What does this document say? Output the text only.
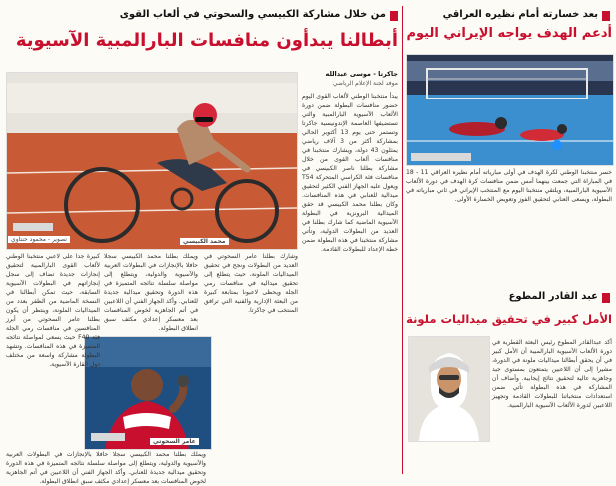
بعد خسارته أمام نظيره العراقي
أدعم الهدف يواجه الإيراني اليوم
خسر منتخبنا الوطني لكرة الهدف في أولى مبارياته أمام نظيره العراقي 11 - 18 في المباراة التي جمعت بينهما أمس ضمن منافسات كرة الهدف في دورة الألعاب الآسيوية البارالمبية، ويلتقي منتخبنا اليوم مع المنتخب الإيراني في ثاني مبارياته في البطولة، ويسعى العنابي لتحقيق الفوز وتعويض الخسارة الأولى.
عبد القادر المطوع
الأمل كبير في تحقيق ميداليات ملونة
أكد عبدالقادر المطوع رئيس البعثة القطرية في دورة الألعاب الآسيوية البارالمبية أن الأمل كبير في أن يحقق أبطالنا ميداليات ملونة في الدورة، مشيرا إلى أن اللاعبين يتمتعون بمستوى جيد وجاهزية عالية لتحقيق نتائج إيجابية. وأضاف أن المشاركة في هذه البطولة تأتي ضمن استعدادات منتخباتنا للبطولات القادمة وتجهيز اللاعبين لدورة الألعاب الآسيوية البارالمبية.
من خلال مشاركة الكبيسي والسحوتي في ألعاب القوى
أبطالنا يبدأون منافسات البارالمبية الآسيوية
جاكرتا - موسى عبدالله
موفد لجنة الإعلام الرياضي
محمد الكبيسي
تصوير - محمود حنتاوي
عامر السحوتي
يبدأ منتخبنا الوطني لألعاب القوى اليوم حضور منافسات البطولة ضمن دورة الألعاب الآسيوية البارالمبية والتي تستضيفها العاصمة الإندونيسية جاكرتا وتستمر حتى يوم 13 أكتوبر الحالي بمشاركة أكثر من 3 آلاف رياضي يمثلون 43 دولة، ويشارك منتخبنا في منافسات ألعاب القوى من خلال مشاركة بطلنا ناصر الكبيسي في منافسات فئة الكراسي المتحركة T54 ويعول عليه الجهاز الفني الكثير لتحقيق ميدالية للعنابي في هذه المنافسات. وكان بطلنا محمد الكبيسي قد حقق الميدالية البرونزية في البطولة الآسيوية الماضية كما شارك بطلنا في العديد من البطولات الدولية، وتأتي مشاركة منتخبنا في هذه البطولة ضمن خطة الإعداد للبطولات القادمة.
كبيرة جدا على لاعبي منتخبنا الوطني لألعاب القوى البارالمبية لتحقيق إنجازات جديدة تضاف إلى سجل إنجازاتهم في البطولات الآسيوية السابقة، حيث تمكن أبطالنا في النسخة الماضية من الظفر بعدد من الميداليات الملونة، وينتظر أن يكون بطلنا عامر السحوتي من أبرز المنافسين في منافسات رمي الجلة فئة F40 حيث يسعى لمواصلة نتائجه المتميزة في هذه المنافسات. وتشهد البطولة مشاركة واسعة من مختلف دول القارة الآسيوية.
ويملك بطلنا محمد الكبيسي سجلا حافلا بالإنجازات في البطولات العربية والآسيوية والدولية، ويتطلع إلى مواصلة سلسلة نتائجه المتميزة في هذه الدورة وتحقيق ميدالية جديدة للعنابي. وأكد الجهاز الفني أن اللاعبين في أتم الجاهزية لخوض المنافسات بعد معسكر إعدادي مكثف سبق انطلاق البطولة.
وشارك بطلنا عامر السحوتي في العديد من البطولات ونجح في تحقيق الميداليات الملونة، حيث يتطلع إلى تحقيق ميدالية في منافسات رمي الجلة ويحظى لاعبونا بمتابعة كبيرة من البعثة الإدارية والفنية التي ترافق المنتخب في جاكرتا.
ويملك بطلنا محمد الكبيسي سجلا حافلا بالإنجازات في البطولات العربية والآسيوية والدولية، ويتطلع إلى مواصلة سلسلة نتائجه المتميزة في هذه الدورة وتحقيق ميدالية جديدة للعنابي. وأكد الجهاز الفني أن اللاعبين في أتم الجاهزية لخوض المنافسات بعد معسكر إعدادي مكثف سبق انطلاق البطولة.
